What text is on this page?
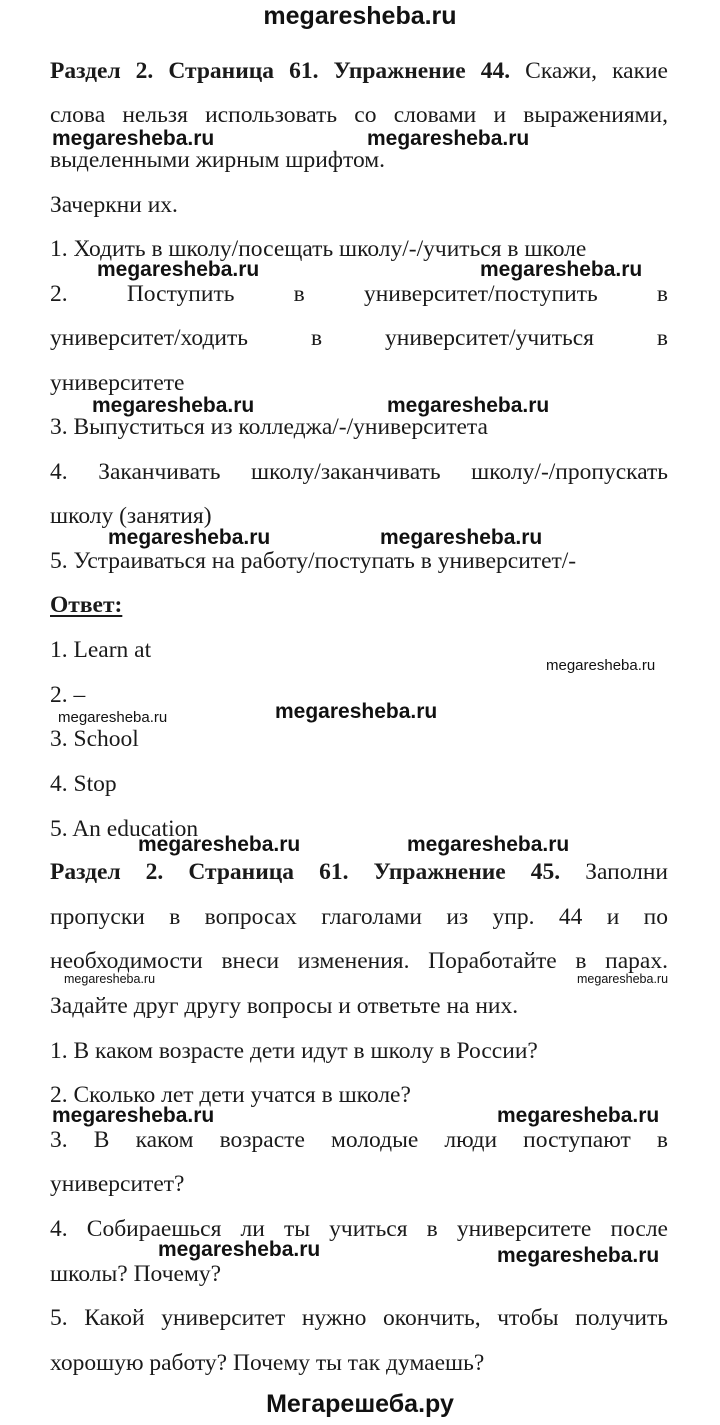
megaresheba.ru
Раздел 2. Страница 61. Упражнение 44. Скажи, какие
слова нельзя использовать со словами и выражениями,
выделенными жирным шрифтом.
Зачеркни их.
1. Ходить в школу/посещать школу/-/учиться в школе
2. Поступить в университет/поступить в
университет/ходить в университет/учиться в
университете
3. Выпуститься из колледжа/-/университета
4. Заканчивать школу/заканчивать школу/-/пропускать
школу (занятия)
5. Устраиваться на работу/поступать в университет/-
Ответ:
1. Learn at
2. –
3. School
4. Stop
5. An education
Раздел 2. Страница 61. Упражнение 45. Заполни
пропуски в вопросах глаголами из упр. 44 и по
необходимости внеси изменения. Поработайте в парах.
Задайте друг другу вопросы и ответьте на них.
1. В каком возрасте дети идут в школу в России?
2. Сколько лет дети учатся в школе?
3. В каком возрасте молодые люди поступают в
университет?
4. Собираешься ли ты учиться в университете после
школы? Почему?
5. Какой университет нужно окончить, чтобы получить
хорошую работу? Почему ты так думаешь?
megaresheba.ru	megaresheba.ru
megaresheba.ru	megaresheba.ru
megaresheba.ru	megaresheba.ru
megaresheba.ru	megaresheba.ru
megaresheba.ru
megaresheba.ru
megaresheba.ru
megaresheba.ru	megaresheba.ru
megaresheba.ru	megaresheba.ru
megaresheba.ru	megaresheba.ru
megaresheba.ru	megaresheba.ru
Мегарешеба.ру
